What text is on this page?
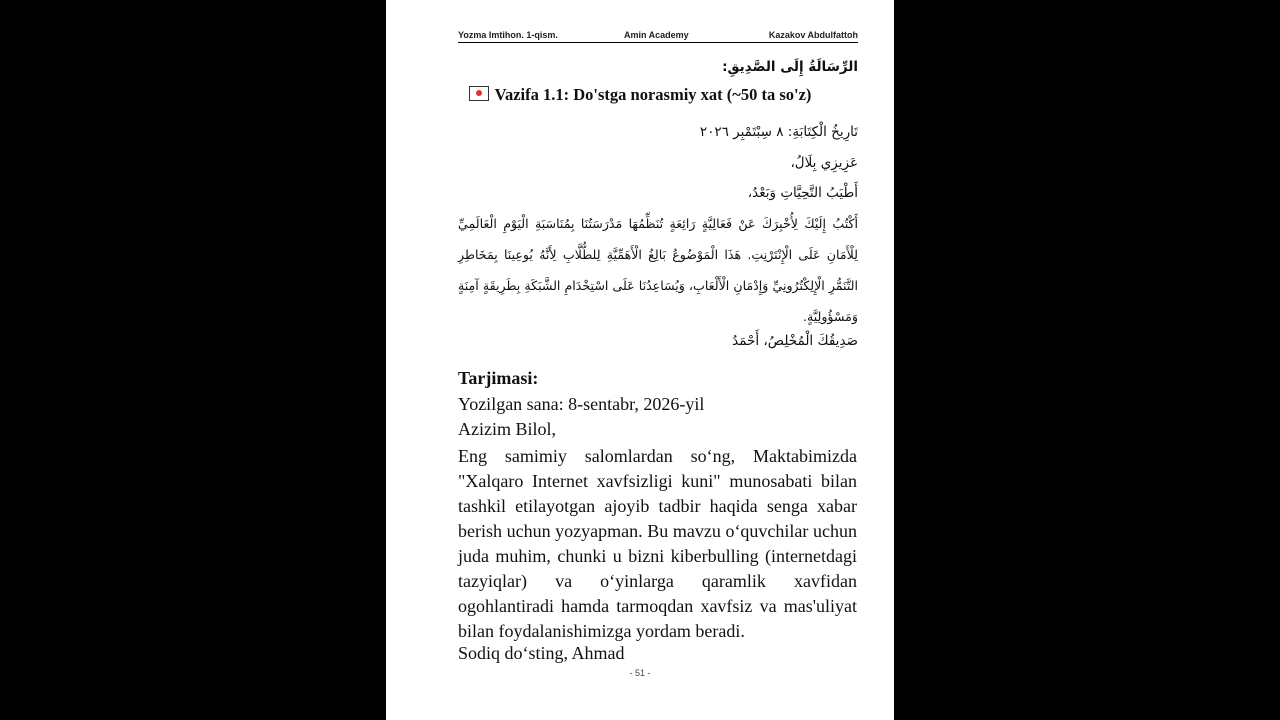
Yozma Imtihon. 1-qism.	Amin Academy	Kazakov Abdulfattoh
الرِّسَالَةُ إِلَى الصَّدِيقِ:
Vazifa 1.1: Do'stga norasmiy xat (~50 ta so'z)
تَارِيخُ الْكِتَابَةِ: ٨ سِبْتَمْبِر ٢٠٢٦
عَزِيزِي بِلَالُ،
أَطْيَبُ التَّحِيَّاتِ وَبَعْدُ،
أَكْتُبُ إِلَيْكَ لِأُخْبِرَكَ عَنْ فَعَالِيَّةٍ رَائِعَةٍ تُنَظِّمُهَا مَدْرَسَتُنَا بِمُنَاسَبَةِ الْيَوْمِ الْعَالَمِيِّ لِلْأَمَانِ عَلَى الْإِنْتَرْنِتِ. هَذَا الْمَوْضُوعُ بَالِغُ الْأَهَمِّيَّةِ لِلطُّلَّابِ لِأَنَّهُ يُوعِينَا بِمَخَاطِرِ التَّنَمُّرِ الْإِلِكْتُرُونِيِّ وَإِدْمَانِ الْأَلْعَابِ، وَيُسَاعِدُنَا عَلَى اسْتِخْدَامِ الشَّبَكَةِ بِطَرِيقَةٍ آمِنَةٍ وَمَسْؤُولِيَّةٍ.
صَدِيقُكَ الْمُخْلِصُ، أَحْمَدُ
Tarjimasi:
Yozilgan sana: 8-sentabr, 2026-yil
Azizim Bilol,
Eng samimiy salomlardan so‘ng, Maktabimizda "Xalqaro Internet xavfsizligi kuni" munosabati bilan tashkil etilayotgan ajoyib tadbir haqida senga xabar berish uchun yozyapman. Bu mavzu o‘quvchilar uchun juda muhim, chunki u bizni kiberbulling (internetdagi tazyiqlar) va o‘yinlarga qaramlik xavfidan ogohlantiradi hamda tarmoqdan xavfsiz va mas'uliyat bilan foydalanishimizga yordam beradi.
Sodiq do‘sting, Ahmad
- 51 -
